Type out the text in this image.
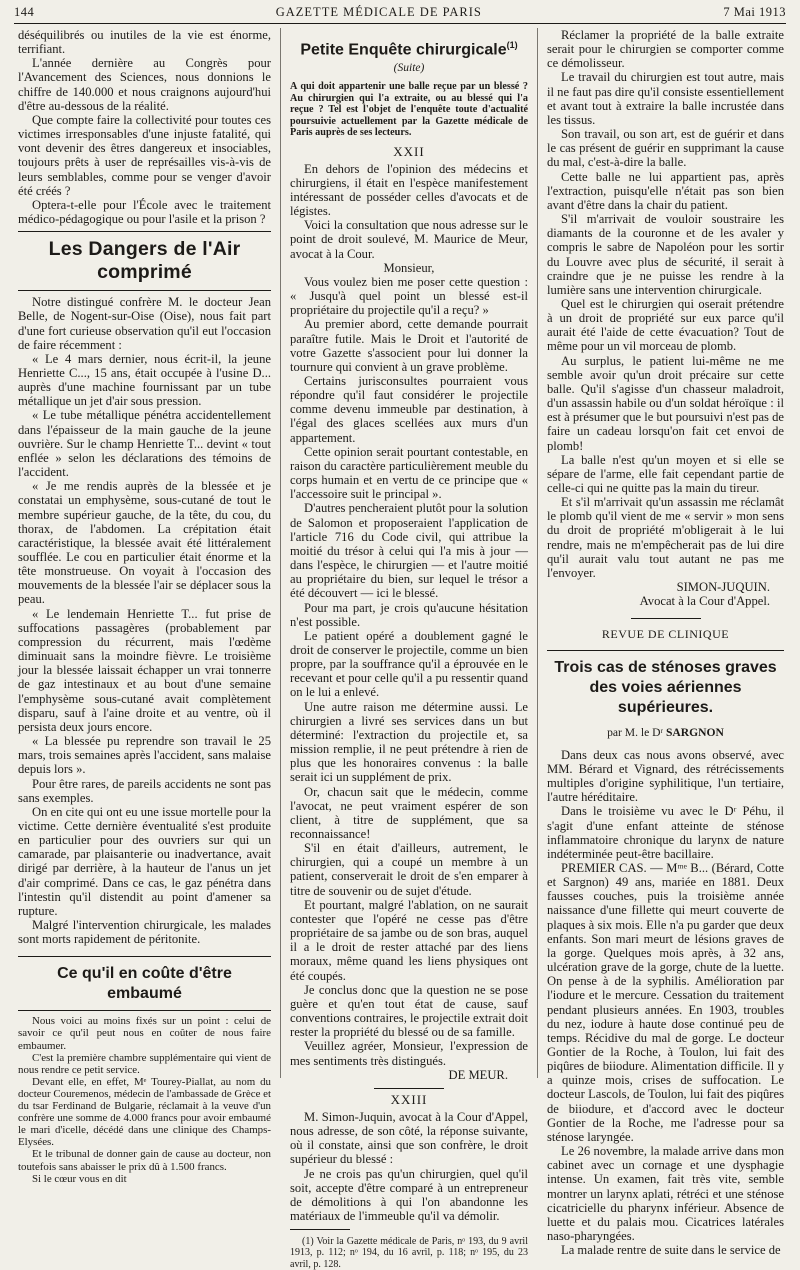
144	GAZETTE MÉDICALE DE PARIS	7 Mai 1913

déséquilibrés ou inutiles de la vie est énorme, terrifiant.

L'année dernière au Congrès pour l'Avancement des Sciences, nous donnions le chiffre de 140.000 et nous craignons aujourd'hui d'être au-dessous de la réalité.

Que compte faire la collectivité pour toutes ces victimes irresponsables d'une injuste fatalité, qui vont devenir des êtres dangereux et insociables, toujours prêts à user de représailles vis-à-vis de leurs semblables, comme pour se venger d'avoir été créés ?

Optera-t-elle pour l'École avec le traitement médico-pédagogique ou pour l'asile et la prison ?

Les Dangers de l'Air comprimé

Notre distingué confrère M. le docteur Jean Belle, de Nogent-sur-Oise (Oise), nous fait part d'une fort curieuse observation qu'il eut l'occasion de faire récemment :

« Le 4 mars dernier, nous écrit-il, la jeune Henriette C..., 15 ans, était occupée à l'usine D... auprès d'une machine fournissant par un tube métallique un jet d'air sous pression.

« Le tube métallique pénétra accidentellement dans l'épaisseur de la main gauche de la jeune ouvrière. Sur le champ Henriette T... devint « tout enflée » selon les déclarations des témoins de l'accident.

« Je me rendis auprès de la blessée et je constatai un emphysème, sous-cutané de tout le membre supérieur gauche, de la tête, du cou, du thorax, de l'abdomen. La crépitation était caractéristique, la blessée avait été littéralement soufflée. Le cou en particulier était énorme et la tête monstrueuse. On voyait à l'occasion des mouvements de la blessée l'air se déplacer sous la peau.

« Le lendemain Henriette T... fut prise de suffocations passagères (probablement par compression du récurrent, mais l'œdème diminuait sans la moindre fièvre. Le troisième jour la blessée laissait échapper un vrai tonnerre de gaz intestinaux et au bout d'une semaine l'emphysème sous-cutané avait complètement disparu, sauf à l'aine droite et au ventre, où il persista deux jours encore.

« La blessée pu reprendre son travail le 25 mars, trois semaines après l'accident, sans malaise depuis lors ».

Pour être rares, de pareils accidents ne sont pas sans exemples.

On en cite qui ont eu une issue mortelle pour la victime. Cette dernière éventualité s'est produite en particulier pour des ouvriers sur qui un camarade, par plaisanterie ou inadvertance, avait dirigé par derrière, à la hauteur de l'anus un jet d'air comprimé. Dans ce cas, le gaz pénétra dans l'intestin qu'il distendit au point d'amener sa rupture.

Malgré l'intervention chirurgicale, les malades sont morts rapidement de péritonite.

Ce qu'il en coûte d'être embaumé

Nous voici au moins fixés sur un point : celui de savoir ce qu'il peut nous en coûter de nous faire embaumer.

C'est la première chambre supplémentaire qui vient de nous rendre ce petit service.

Devant elle, en effet, Mᵉ Tourey-Piallat, au nom du docteur Couremenos, médecin de l'ambassade de Grèce et du tsar Ferdinand de Bulgarie, réclamait à la veuve d'un confrère une somme de 4.000 francs pour avoir embaumé le mari d'icelle, décédé dans une clinique des Champs-Elysées.

Et le tribunal de donner gain de cause au docteur, non toutefois sans abaisser le prix dû à 1.500 francs.

Si le cœur vous en dit

Petite Enquête chirurgicale$^{(1)}$
(Suite)
A qui doit appartenir une balle reçue par un blessé ? Au chirurgien qui l'a extraite, ou au blessé qui l'a reçue ? Tel est l'objet de l'enquête toute d'actualité poursuivie actuellement par la Gazette médicale de Paris auprès de ses lecteurs.
XXII

En dehors de l'opinion des médecins et chirurgiens, il était en l'espèce manifestement intéressant de posséder celles d'avocats et de légistes.

Voici la consultation que nous adresse sur le point de droit soulevé, M. Maurice de Meur, avocat à la Cour.

Monsieur,

Vous voulez bien me poser cette question : « Jusqu'à quel point un blessé est-il propriétaire du projectile qu'il a reçu? »

Au premier abord, cette demande pourrait paraître futile. Mais le Droit et l'autorité de votre Gazette s'associent pour lui donner la tournure qui convient à un grave problème.

Certains jurisconsultes pourraient vous répondre qu'il faut considérer le projectile comme devenu immeuble par destination, à l'égal des glaces scellées aux murs d'un appartement.

Cette opinion serait pourtant contestable, en raison du caractère particulièrement meuble du corps humain et en vertu de ce principe que « l'accessoire suit le principal ».

D'autres pencheraient plutôt pour la solution de Salomon et proposeraient l'application de l'article 716 du Code civil, qui attribue la moitié du trésor à celui qui l'a mis à jour — dans l'espèce, le chirurgien — et l'autre moitié au propriétaire du bien, sur lequel le trésor a été découvert — ici le blessé.

Pour ma part, je crois qu'aucune hésitation n'est possible.

Le patient opéré a doublement gagné le droit de conserver le projectile, comme un bien propre, par la souffrance qu'il a éprouvée en le recevant et pour celle qu'il a pu ressentir quand on le lui a enlevé.

Une autre raison me détermine aussi. Le chirurgien a livré ses services dans un but déterminé: l'extraction du projectile et, sa mission remplie, il ne peut prétendre à rien de plus que les honoraires convenus : la balle serait ici un supplément de prix.

Or, chacun sait que le médecin, comme l'avocat, ne peut vraiment espérer de son client, à titre de supplément, que sa reconnaissance!

S'il en était d'ailleurs, autrement, le chirurgien, qui a coupé un membre à un patient, conserverait le droit de s'en emparer à titre de souvenir ou de sujet d'étude.

Et pourtant, malgré l'ablation, on ne saurait contester que l'opéré ne cesse pas d'être propriétaire de sa jambe ou de son bras, auquel il a le droit de rester attaché par des liens moraux, même quand les liens physiques ont été coupés.

Je conclus donc que la question ne se pose guère et qu'en tout état de cause, sauf conventions contraires, le projectile extrait doit rester la propriété du blessé ou de sa famille.

Veuillez agréer, Monsieur, l'expression de mes sentiments très distingués.

DE MEUR.

XXIII

M. Simon-Juquin, avocat à la Cour d'Appel, nous adresse, de son côté, la réponse suivante, où il constate, ainsi que son confrère, le droit supérieur du blessé :

Je ne crois pas qu'un chirurgien, quel qu'il soit, accepte d'être comparé à un entrepreneur de démolitions à qui l'on abandonne les matériaux de l'immeuble qu'il va démolir.

(1) Voir la Gazette médicale de Paris, nᵒ 193, du 9 avril 1913, p. 112; nᵒ 194, du 16 avril, p. 118; nᵒ 195, du 23 avril, p. 128.

Réclamer la propriété de la balle extraite serait pour le chirurgien se comporter comme ce démolisseur.

Le travail du chirurgien est tout autre, mais il ne faut pas dire qu'il consiste essentiellement et avant tout à extraire la balle incrustée dans les tissus.

Son travail, ou son art, est de guérir et dans le cas présent de guérir en supprimant la cause du mal, c'est-à-dire la balle.

Cette balle ne lui appartient pas, après l'extraction, puisqu'elle n'était pas son bien avant d'être dans la chair du patient.

S'il m'arrivait de vouloir soustraire les diamants de la couronne et de les avaler y compris le sabre de Napoléon pour les sortir du Louvre avec plus de sécurité, il serait à craindre que je ne puisse les rendre à la lumière sans une intervention chirurgicale.

Quel est le chirurgien qui oserait prétendre à un droit de propriété sur eux parce qu'il aurait été l'aide de cette évacuation? Tout de même pour un vil morceau de plomb.

Au surplus, le patient lui-même ne me semble avoir qu'un droit précaire sur cette balle. Qu'il s'agisse d'un chasseur maladroit, d'un assassin habile ou d'un soldat héroïque : il est à présumer que le but poursuivi n'est pas de faire un cadeau lorsqu'on fait cet envoi de plomb!

La balle n'est qu'un moyen et si elle se sépare de l'arme, elle fait cependant partie de celle-ci qui ne quitte pas la main du tireur.

Et s'il m'arrivait qu'un assassin me réclamât le plomb qu'il vient de me « servir » mon sens du droit de propriété m'obligerait à le lui rendre, mais ne m'empêcherait pas de lui dire qu'il aurait valu tout autant ne pas me l'envoyer.

SIMON-JUQUIN.

Avocat à la Cour d'Appel.

REVUE DE CLINIQUE
Trois cas de sténoses graves des voies aériennes supérieures.
par M. le Dʳ SARGNON

Dans deux cas nous avons observé, avec MM. Bérard et Vignard, des rétrécissements multiples d'origine syphilitique, l'un tertiaire, l'autre héréditaire.

Dans le troisième vu avec le Dʳ Péhu, il s'agit d'une enfant atteinte de sténose inflammatoire chronique du larynx de nature indéterminée peut-être bacillaire.

PREMIER CAS. — Mᵐᵉ B... (Bérard, Cotte et Sargnon) 49 ans, mariée en 1881. Deux fausses couches, puis la troisième année naissance d'une fillette qui meurt couverte de plaques à six mois. Elle n'a pu garder que deux enfants. Son mari meurt de lésions graves de la gorge. Quelques mois après, à 32 ans, ulcération grave de la gorge, chute de la luette. On pense à de la syphilis. Amélioration par l'iodure et le mercure. Cessation du traitement pendant plusieurs années. En 1903, troubles du nez, iodure à haute dose continué peu de temps. Récidive du mal de gorge. Le docteur Gontier de la Roche, à Toulon, lui fait des piqûres de biiodure. Alimentation difficile. Il y a quinze mois, crises de suffocation. Le docteur Lascols, de Toulon, lui fait des piqûres de biiodure, et d'accord avec le docteur Gontier de la Roche, me l'adresse pour sa sténose laryngée.

Le 26 novembre, la malade arrive dans mon cabinet avec un cornage et une dysphagie intense. Un examen, fait très vite, semble montrer un larynx aplati, rétréci et une sténose cicatricielle du pharynx inférieur. Absence de luette et du palais mou. Cicatrices latérales naso-pharyngées.

La malade rentre de suite dans le service de
